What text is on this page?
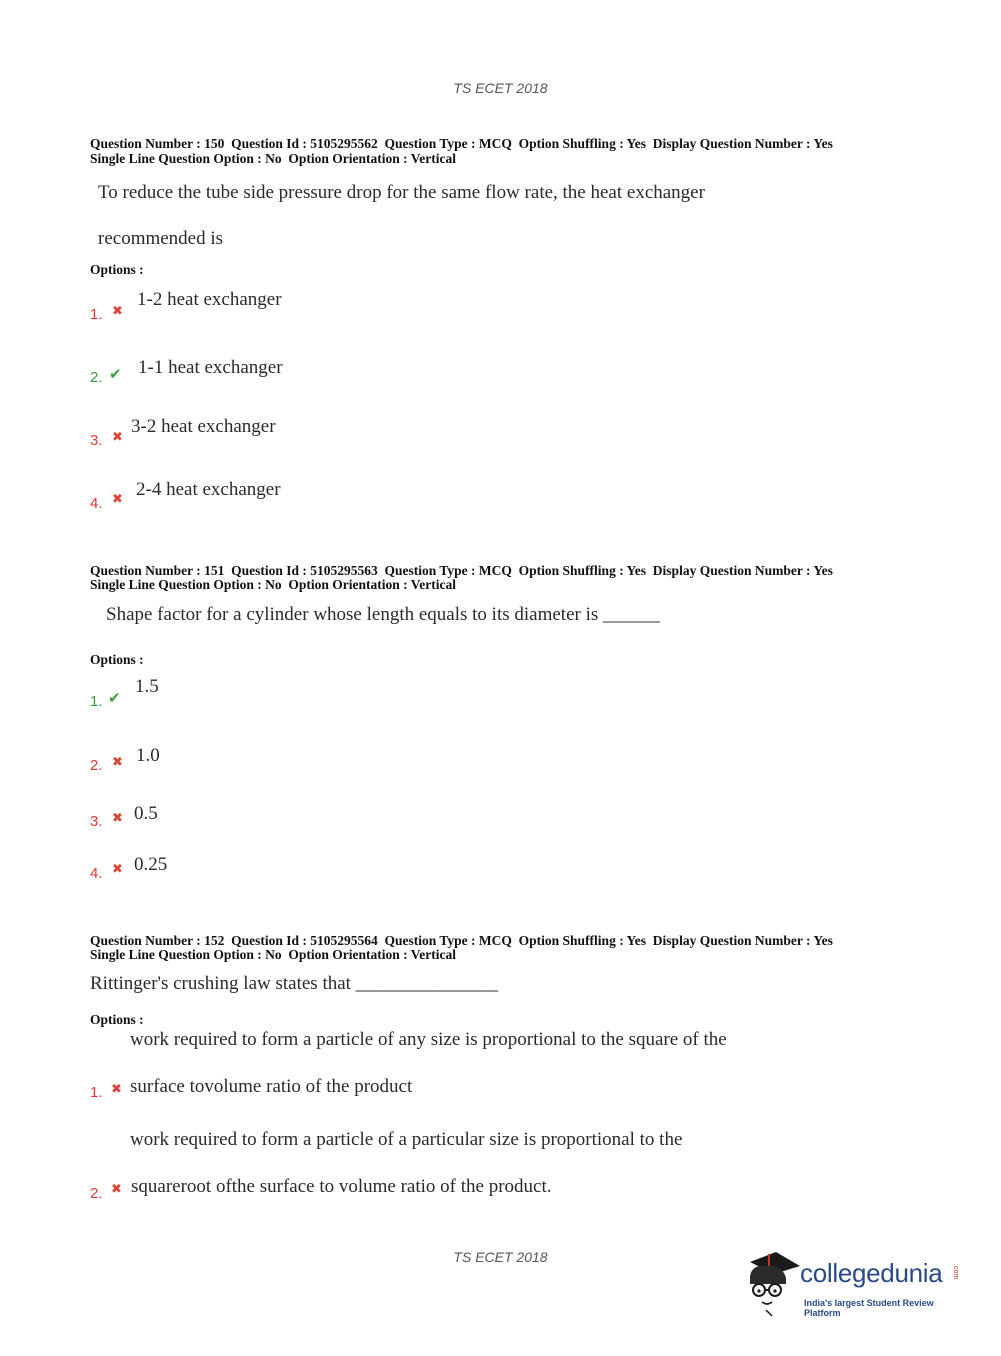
TS ECET 2018
Question Number : 150  Question Id : 5105295562  Question Type : MCQ  Option Shuffling : Yes  Display Question Number : Yes
Single Line Question Option : No  Option Orientation : Vertical
To reduce the tube side pressure drop for the same flow rate, the heat exchanger
recommended is
Options :
1. ✖
1-2 heat exchanger
2. ✔ 1-1 heat exchanger
3. ✖
3-2 heat exchanger
4. ✖ 2-4 heat exchanger
Question Number : 151  Question Id : 5105295563  Question Type : MCQ  Option Shuffling : Yes  Display Question Number : Yes
Single Line Question Option : No  Option Orientation : Vertical
Shape factor for a cylinder whose length equals to its diameter is ______
Options :
1. ✔
1.5
2. ✖ 1.0
3. ✖ 0.5
4. ✖ 0.25
Question Number : 152  Question Id : 5105295564  Question Type : MCQ  Option Shuffling : Yes  Display Question Number : Yes
Single Line Question Option : No  Option Orientation : Vertical
Rittinger's crushing law states that _______________
Options :
work required to form a particle of any size is proportional to the square of the
1. ✖ surface tovolume ratio of the product
work required to form a particle of a particular size is proportional to the
2. ✖ squareroot ofthe surface to volume ratio of the product.
TS ECET 2018
collegedunia .com
India's largest Student Review Platform
